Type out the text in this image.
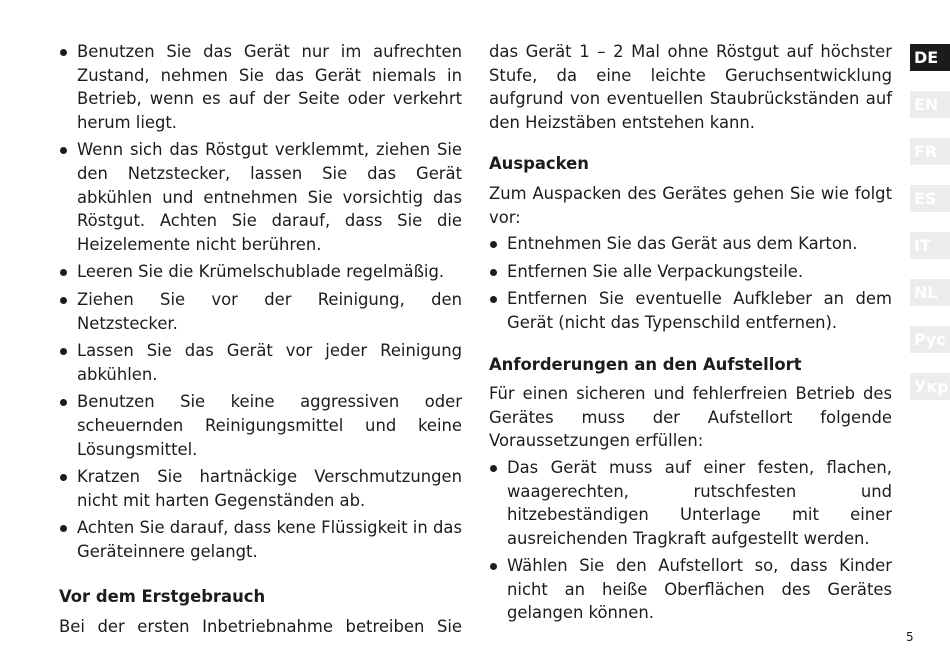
Benutzen Sie das Gerät nur im aufrechten Zustand, nehmen Sie das Gerät niemals in Betrieb, wenn es auf der Seite oder verkehrt herum liegt.
Wenn sich das Röstgut verklemmt, ziehen Sie den Netzstecker, lassen Sie das Gerät abkühlen und entnehmen Sie vorsichtig das Röstgut. Achten Sie darauf, dass Sie die Heizelemente nicht berühren.
Leeren Sie die Krümelschublade regelmäßig.
Ziehen Sie vor der Reinigung, den Netzstecker.
Lassen Sie das Gerät vor jeder Reinigung abkühlen.
Benutzen Sie keine aggressiven oder scheuernden Reinigungsmittel und keine Lösungsmittel.
Kratzen Sie hartnäckige Verschmutzungen nicht mit harten Gegenständen ab.
Achten Sie darauf, dass kene Flüssigkeit in das Geräteinnere gelangt.
Vor dem Erstgebrauch

Bei der ersten Inbetriebnahme betreiben Sie

das Gerät 1 – 2 Mal ohne Röstgut auf höchster Stufe, da eine leichte Geruchsentwicklung aufgrund von eventuellen Staubrückständen auf den Heizstäben entstehen kann.

Auspacken

Zum Auspacken des Gerätes gehen Sie wie folgt vor:

Entnehmen Sie das Gerät aus dem Karton.
Entfernen Sie alle Verpackungsteile.
Entfernen Sie eventuelle Aufkleber an dem Gerät (nicht das Typenschild entfernen).
Anforderungen an den Aufstellort

Für einen sicheren und fehlerfreien Betrieb des Gerätes muss der Aufstellort folgende Voraussetzungen erfüllen:

Das Gerät muss auf einer festen, flachen, waagerechten, rutschfesten und hitzebeständigen Unterlage mit einer ausreichenden Tragkraft aufgestellt werden.
Wählen Sie den Aufstellort so, dass Kinder nicht an heiße Oberflächen des Gerätes gelangen können.
DE
EN
FR
ES
IT
NL
Рус
Укр
5
